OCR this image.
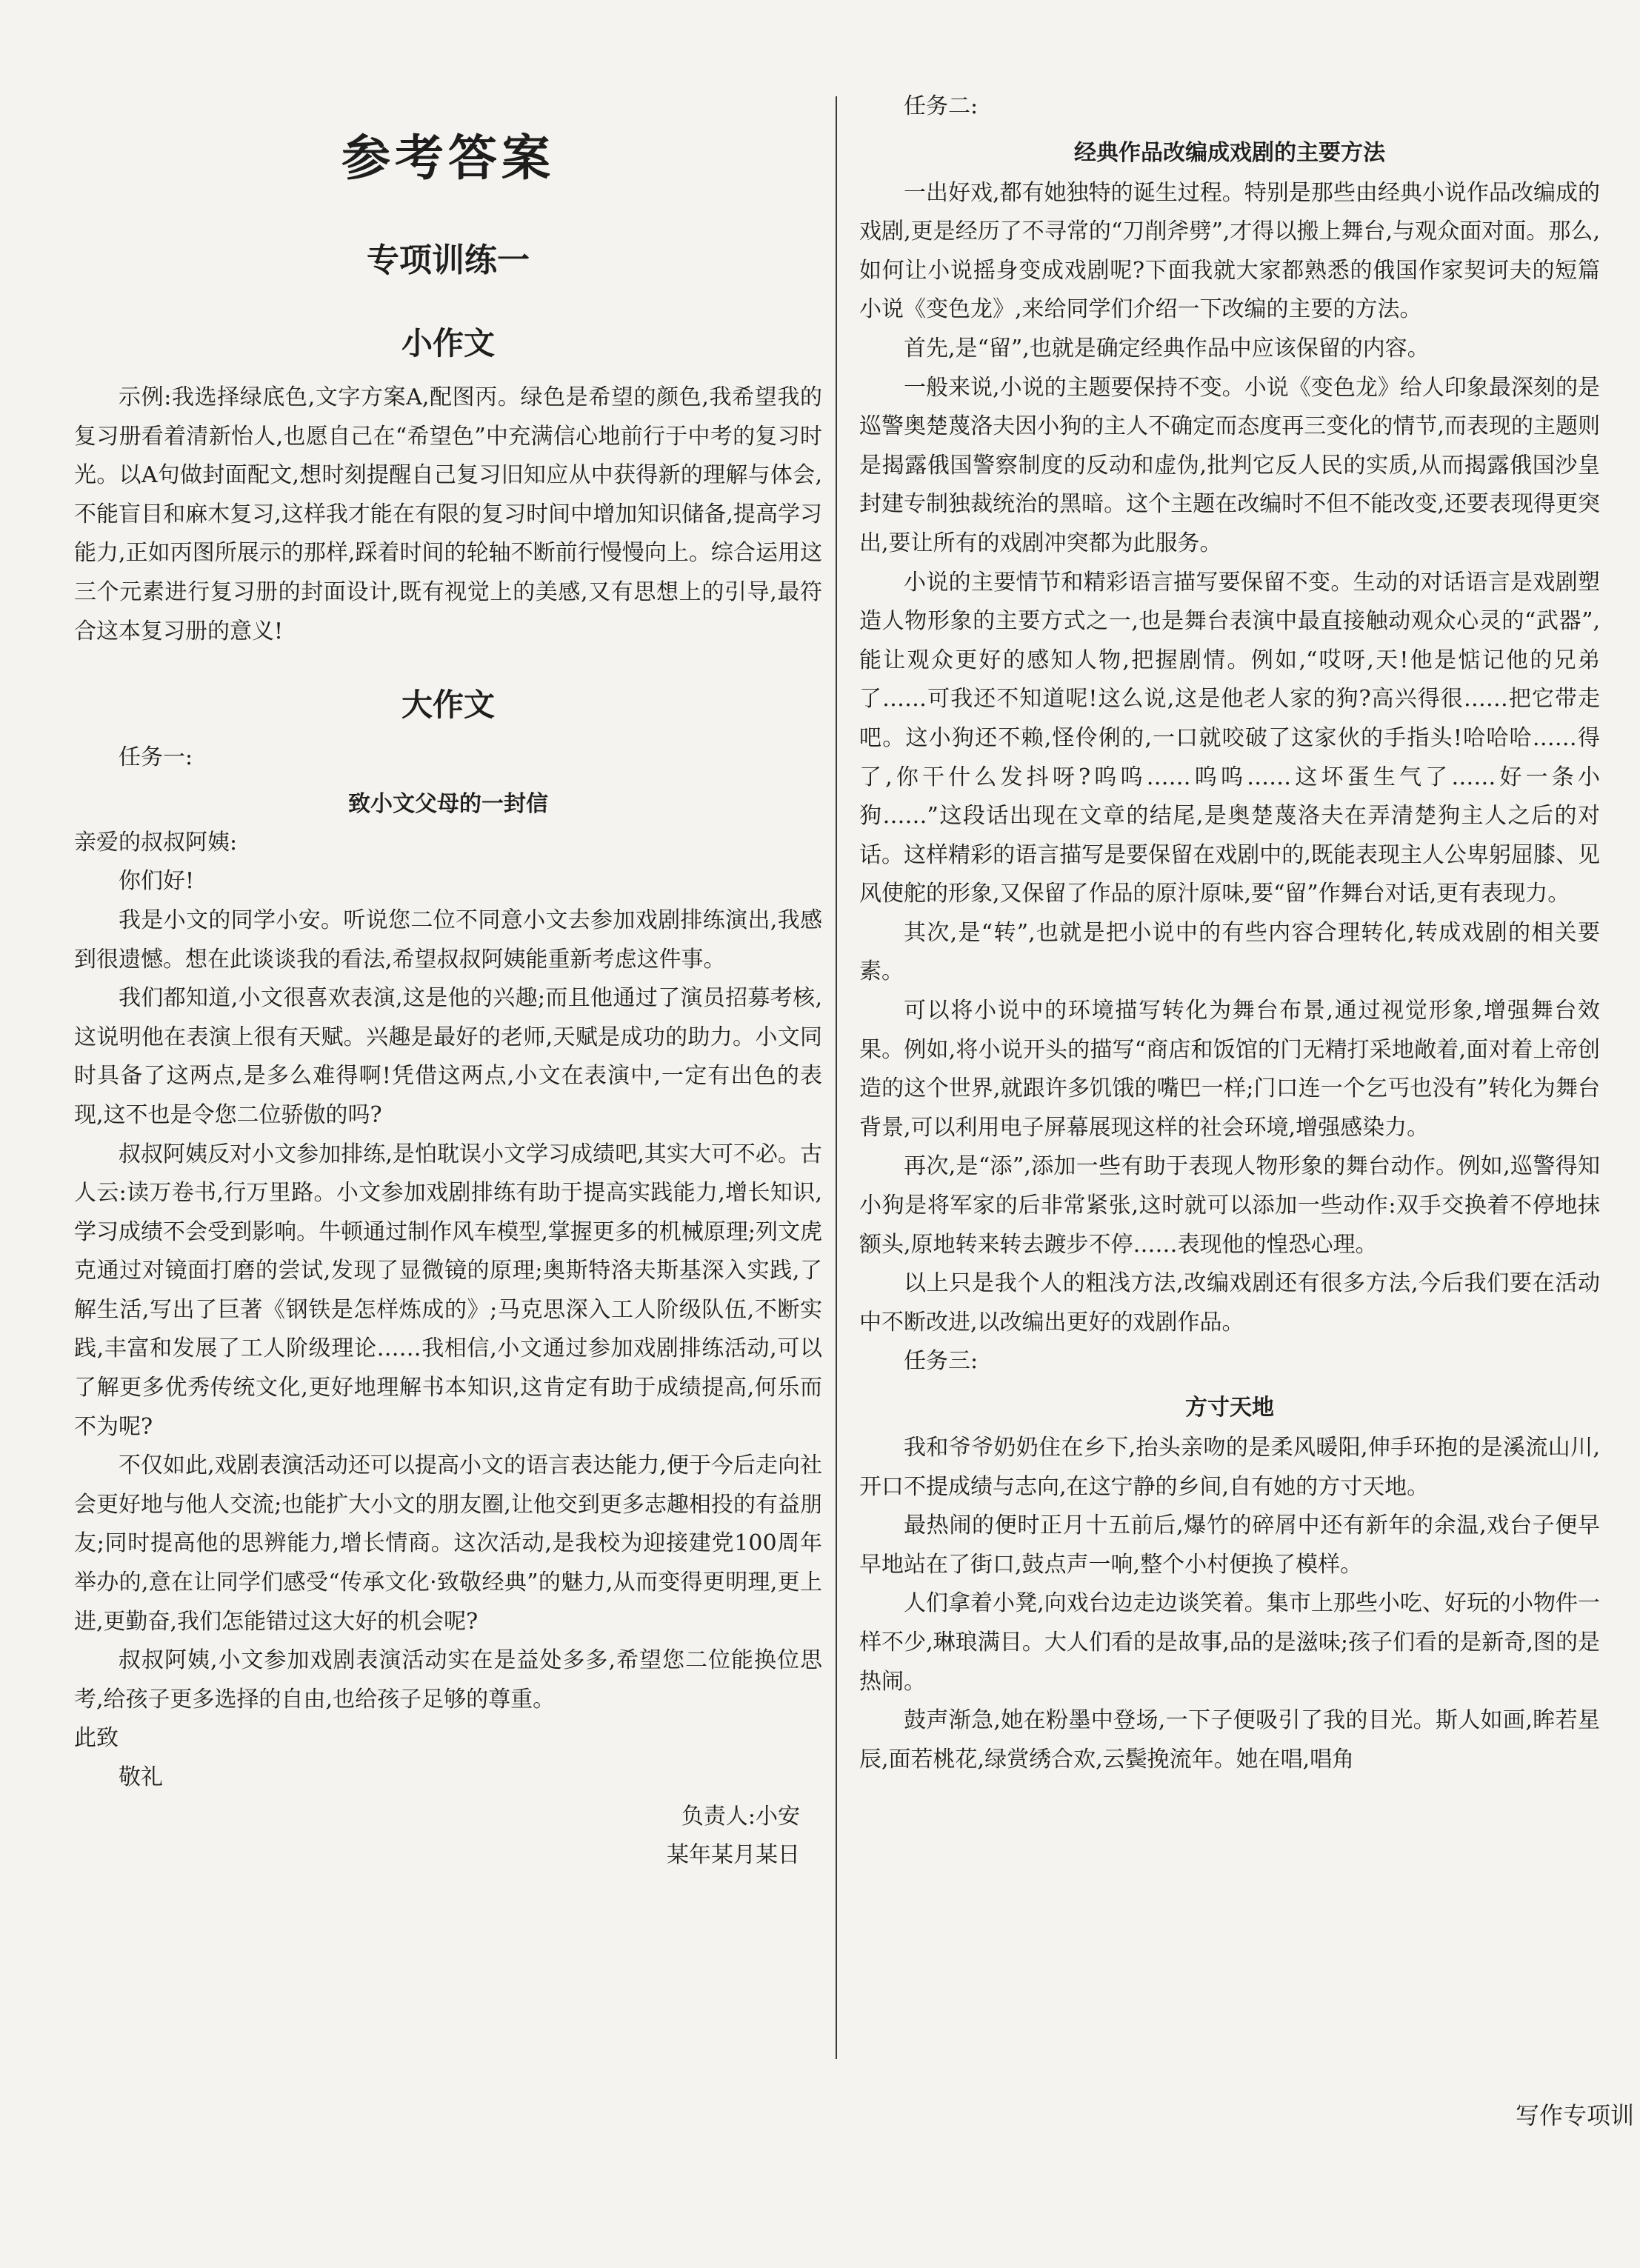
参考答案
专项训练一
小作文

示例:我选择绿底色,文字方案A,配图丙。绿色是希望的颜色,我希望我的复习册看着清新怡人,也愿自己在“希望色”中充满信心地前行于中考的复习时光。以A句做封面配文,想时刻提醒自己复习旧知应从中获得新的理解与体会,不能盲目和麻木复习,这样我才能在有限的复习时间中增加知识储备,提高学习能力,正如丙图所展示的那样,踩着时间的轮轴不断前行慢慢向上。综合运用这三个元素进行复习册的封面设计,既有视觉上的美感,又有思想上的引导,最符合这本复习册的意义!

大作文

任务一:

致小文父母的一封信

亲爱的叔叔阿姨:

你们好!

我是小文的同学小安。听说您二位不同意小文去参加戏剧排练演出,我感到很遗憾。想在此谈谈我的看法,希望叔叔阿姨能重新考虑这件事。

我们都知道,小文很喜欢表演,这是他的兴趣;而且他通过了演员招募考核,这说明他在表演上很有天赋。兴趣是最好的老师,天赋是成功的助力。小文同时具备了这两点,是多么难得啊!凭借这两点,小文在表演中,一定有出色的表现,这不也是令您二位骄傲的吗?

叔叔阿姨反对小文参加排练,是怕耽误小文学习成绩吧,其实大可不必。古人云:读万卷书,行万里路。小文参加戏剧排练有助于提高实践能力,增长知识,学习成绩不会受到影响。牛顿通过制作风车模型,掌握更多的机械原理;列文虎克通过对镜面打磨的尝试,发现了显微镜的原理;奥斯特洛夫斯基深入实践,了解生活,写出了巨著《钢铁是怎样炼成的》;马克思深入工人阶级队伍,不断实践,丰富和发展了工人阶级理论……我相信,小文通过参加戏剧排练活动,可以了解更多优秀传统文化,更好地理解书本知识,这肯定有助于成绩提高,何乐而不为呢?

不仅如此,戏剧表演活动还可以提高小文的语言表达能力,便于今后走向社会更好地与他人交流;也能扩大小文的朋友圈,让他交到更多志趣相投的有益朋友;同时提高他的思辨能力,增长情商。这次活动,是我校为迎接建党100周年举办的,意在让同学们感受“传承文化·致敬经典”的魅力,从而变得更明理,更上进,更勤奋,我们怎能错过这大好的机会呢?

叔叔阿姨,小文参加戏剧表演活动实在是益处多多,希望您二位能换位思考,给孩子更多选择的自由,也给孩子足够的尊重。

此致

敬礼

负责人:小安

某年某月某日

任务二:

经典作品改编成戏剧的主要方法

一出好戏,都有她独特的诞生过程。特别是那些由经典小说作品改编成的戏剧,更是经历了不寻常的“刀削斧劈”,才得以搬上舞台,与观众面对面。那么,如何让小说摇身变成戏剧呢?下面我就大家都熟悉的俄国作家契诃夫的短篇小说《变色龙》,来给同学们介绍一下改编的主要的方法。

首先,是“留”,也就是确定经典作品中应该保留的内容。

一般来说,小说的主题要保持不变。小说《变色龙》给人印象最深刻的是巡警奥楚蔑洛夫因小狗的主人不确定而态度再三变化的情节,而表现的主题则是揭露俄国警察制度的反动和虚伪,批判它反人民的实质,从而揭露俄国沙皇封建专制独裁统治的黑暗。这个主题在改编时不但不能改变,还要表现得更突出,要让所有的戏剧冲突都为此服务。

小说的主要情节和精彩语言描写要保留不变。生动的对话语言是戏剧塑造人物形象的主要方式之一,也是舞台表演中最直接触动观众心灵的“武器”,能让观众更好的感知人物,把握剧情。例如,“哎呀,天!他是惦记他的兄弟了……可我还不知道呢!这么说,这是他老人家的狗?高兴得很……把它带走吧。这小狗还不赖,怪伶俐的,一口就咬破了这家伙的手指头!哈哈哈……得了,你干什么发抖呀?呜呜……呜呜……这坏蛋生气了……好一条小狗……”这段话出现在文章的结尾,是奥楚蔑洛夫在弄清楚狗主人之后的对话。这样精彩的语言描写是要保留在戏剧中的,既能表现主人公卑躬屈膝、见风使舵的形象,又保留了作品的原汁原味,要“留”作舞台对话,更有表现力。

其次,是“转”,也就是把小说中的有些内容合理转化,转成戏剧的相关要素。

可以将小说中的环境描写转化为舞台布景,通过视觉形象,增强舞台效果。例如,将小说开头的描写“商店和饭馆的门无精打采地敞着,面对着上帝创造的这个世界,就跟许多饥饿的嘴巴一样;门口连一个乞丐也没有”转化为舞台背景,可以利用电子屏幕展现这样的社会环境,增强感染力。

再次,是“添”,添加一些有助于表现人物形象的舞台动作。例如,巡警得知小狗是将军家的后非常紧张,这时就可以添加一些动作:双手交换着不停地抹额头,原地转来转去踱步不停……表现他的惶恐心理。

以上只是我个人的粗浅方法,改编戏剧还有很多方法,今后我们要在活动中不断改进,以改编出更好的戏剧作品。

任务三:

方寸天地

我和爷爷奶奶住在乡下,抬头亲吻的是柔风暖阳,伸手环抱的是溪流山川,开口不提成绩与志向,在这宁静的乡间,自有她的方寸天地。

最热闹的便时正月十五前后,爆竹的碎屑中还有新年的余温,戏台子便早早地站在了街口,鼓点声一响,整个小村便换了模样。

人们拿着小凳,向戏台边走边谈笑着。集市上那些小吃、好玩的小物件一样不少,琳琅满目。大人们看的是故事,品的是滋味;孩子们看的是新奇,图的是热闹。

鼓声渐急,她在粉墨中登场,一下子便吸引了我的目光。斯人如画,眸若星辰,面若桃花,绿赏绣合欢,云鬓挽流年。她在唱,唱角

写作专项训
